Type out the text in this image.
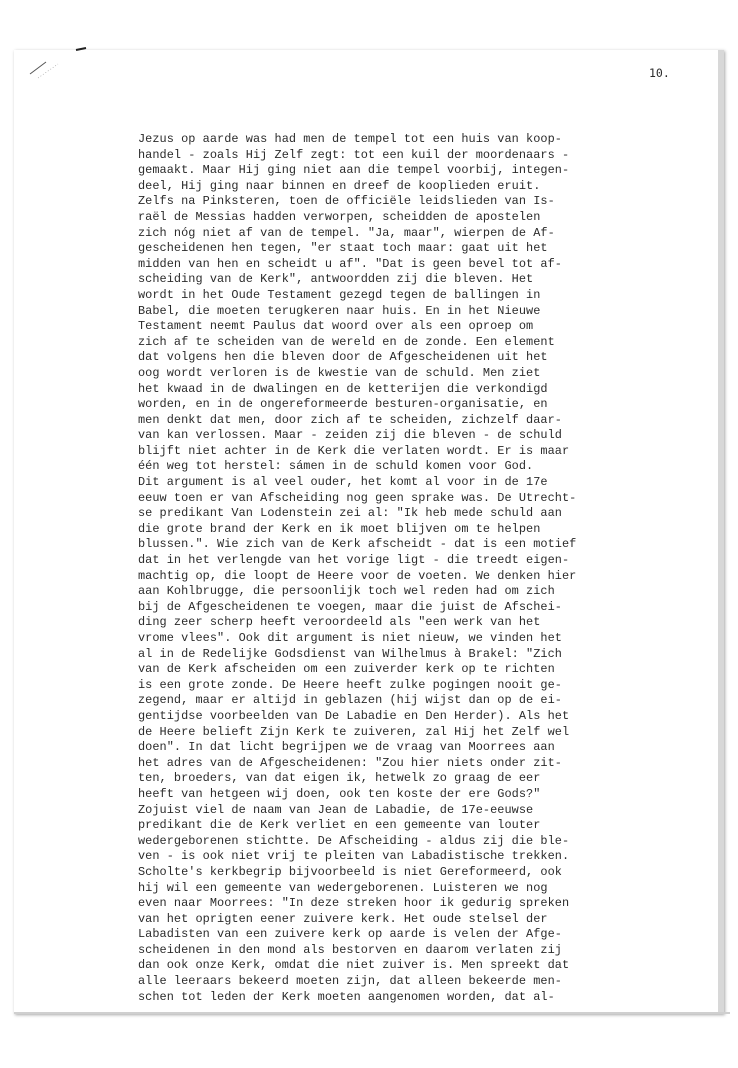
10.
Jezus op aarde was had men de tempel tot een huis van koop-
handel - zoals Hij Zelf zegt: tot een kuil der moordenaars -
gemaakt. Maar Hij ging niet aan die tempel voorbij, integen-
deel, Hij ging naar binnen en dreef de kooplieden eruit.
Zelfs na Pinksteren, toen de officiële leidslieden van Is-
raël de Messias hadden verworpen, scheidden de apostelen
zich nóg niet af van de tempel. "Ja, maar", wierpen de Af-
gescheidenen hen tegen, "er staat toch maar: gaat uit het
midden van hen en scheidt u af". "Dat is geen bevel tot af-
scheiding van de Kerk", antwoordden zij die bleven. Het
wordt in het Oude Testament gezegd tegen de ballingen in
Babel, die moeten terugkeren naar huis. En in het Nieuwe
Testament neemt Paulus dat woord over als een oproep om
zich af te scheiden van de wereld en de zonde. Een element
dat volgens hen die bleven door de Afgescheidenen uit het
oog wordt verloren is de kwestie van de schuld. Men ziet
het kwaad in de dwalingen en de ketterijen die verkondigd
worden, en in de ongereformeerde besturen-organisatie, en
men denkt dat men, door zich af te scheiden, zichzelf daar-
van kan verlossen. Maar - zeiden zij die bleven - de schuld
blijft niet achter in de Kerk die verlaten wordt. Er is maar
één weg tot herstel: sámen in de schuld komen voor God.
Dit argument is al veel ouder, het komt al voor in de 17e
eeuw toen er van Afscheiding nog geen sprake was. De Utrecht-
se predikant Van Lodenstein zei al: "Ik heb mede schuld aan
die grote brand der Kerk en ik moet blijven om te helpen
blussen.". Wie zich van de Kerk afscheidt - dat is een motief
dat in het verlengde van het vorige ligt - die treedt eigen-
machtig op, die loopt de Heere voor de voeten. We denken hier
aan Kohlbrugge, die persoonlijk toch wel reden had om zich
bij de Afgescheidenen te voegen, maar die juist de Afschei-
ding zeer scherp heeft veroordeeld als "een werk van het
vrome vlees". Ook dit argument is niet nieuw, we vinden het
al in de Redelijke Godsdienst van Wilhelmus à Brakel: "Zich
van de Kerk afscheiden om een zuiverder kerk op te richten
is een grote zonde. De Heere heeft zulke pogingen nooit ge-
zegend, maar er altijd in geblazen (hij wijst dan op de ei-
gentijdse voorbeelden van De Labadie en Den Herder). Als het
de Heere belieft Zijn Kerk te zuiveren, zal Hij het Zelf wel
doen". In dat licht begrijpen we de vraag van Moorrees aan
het adres van de Afgescheidenen: "Zou hier niets onder zit-
ten, broeders, van dat eigen ik, hetwelk zo graag de eer
heeft van hetgeen wij doen, ook ten koste der ere Gods?"
Zojuist viel de naam van Jean de Labadie, de 17e-eeuwse
predikant die de Kerk verliet en een gemeente van louter
wedergeborenen stichtte. De Afscheiding - aldus zij die ble-
ven - is ook niet vrij te pleiten van Labadistische trekken.
Scholte's kerkbegrip bijvoorbeeld is niet Gereformeerd, ook
hij wil een gemeente van wedergeborenen. Luisteren we nog
even naar Moorrees: "In deze streken hoor ik gedurig spreken
van het oprigten eener zuivere kerk. Het oude stelsel der
Labadisten van een zuivere kerk op aarde is velen der Afge-
scheidenen in den mond als bestorven en daarom verlaten zij
dan ook onze Kerk, omdat die niet zuiver is. Men spreekt dat
alle leeraars bekeerd moeten zijn, dat alleen bekeerde men-
schen tot leden der Kerk moeten aangenomen worden, dat al-
